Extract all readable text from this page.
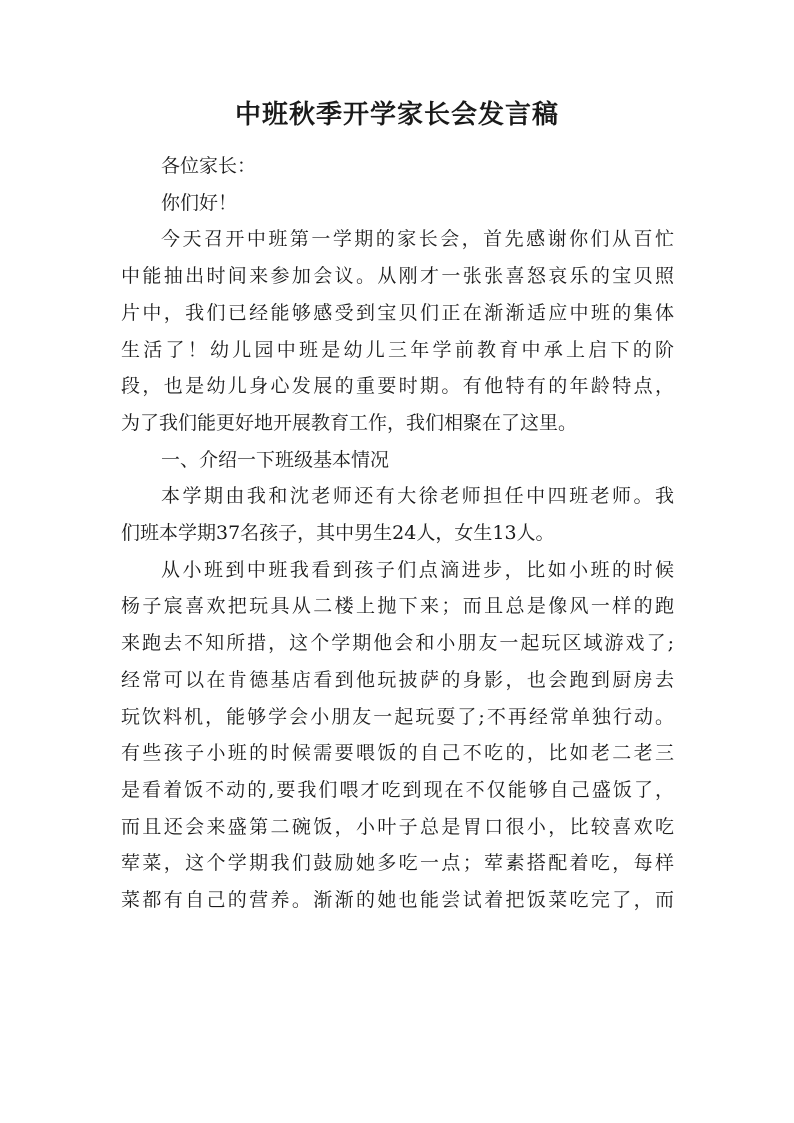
中班秋季开学家长会发言稿

各位家长：

你们好！

今天召开中班第一学期的家长会，首先感谢你们从百忙
中能抽出时间来参加会议。从刚才一张张喜怒哀乐的宝贝照
片中，我们已经能够感受到宝贝们正在渐渐适应中班的集体
生活了！幼儿园中班是幼儿三年学前教育中承上启下的阶
段，也是幼儿身心发展的重要时期。有他特有的年龄特点，
为了我们能更好地开展教育工作，我们相聚在了这里。

一、介绍一下班级基本情况

本学期由我和沈老师还有大徐老师担任中四班老师。我
们班本学期37名孩子，其中男生24人，女生13人。

从小班到中班我看到孩子们点滴进步，比如小班的时候
杨子宸喜欢把玩具从二楼上抛下来；而且总是像风一样的跑
来跑去不知所措，这个学期他会和小朋友一起玩区域游戏了;
经常可以在肯德基店看到他玩披萨的身影，也会跑到厨房去
玩饮料机，能够学会小朋友一起玩耍了;不再经常单独行动。
有些孩子小班的时候需要喂饭的自己不吃的，比如老二老三
是看着饭不动的,要我们喂才吃到现在不仅能够自己盛饭了，
而且还会来盛第二碗饭，小叶子总是胃口很小，比较喜欢吃
荤菜，这个学期我们鼓励她多吃一点；荤素搭配着吃，每样
菜都有自己的营养。渐渐的她也能尝试着把饭菜吃完了，而
